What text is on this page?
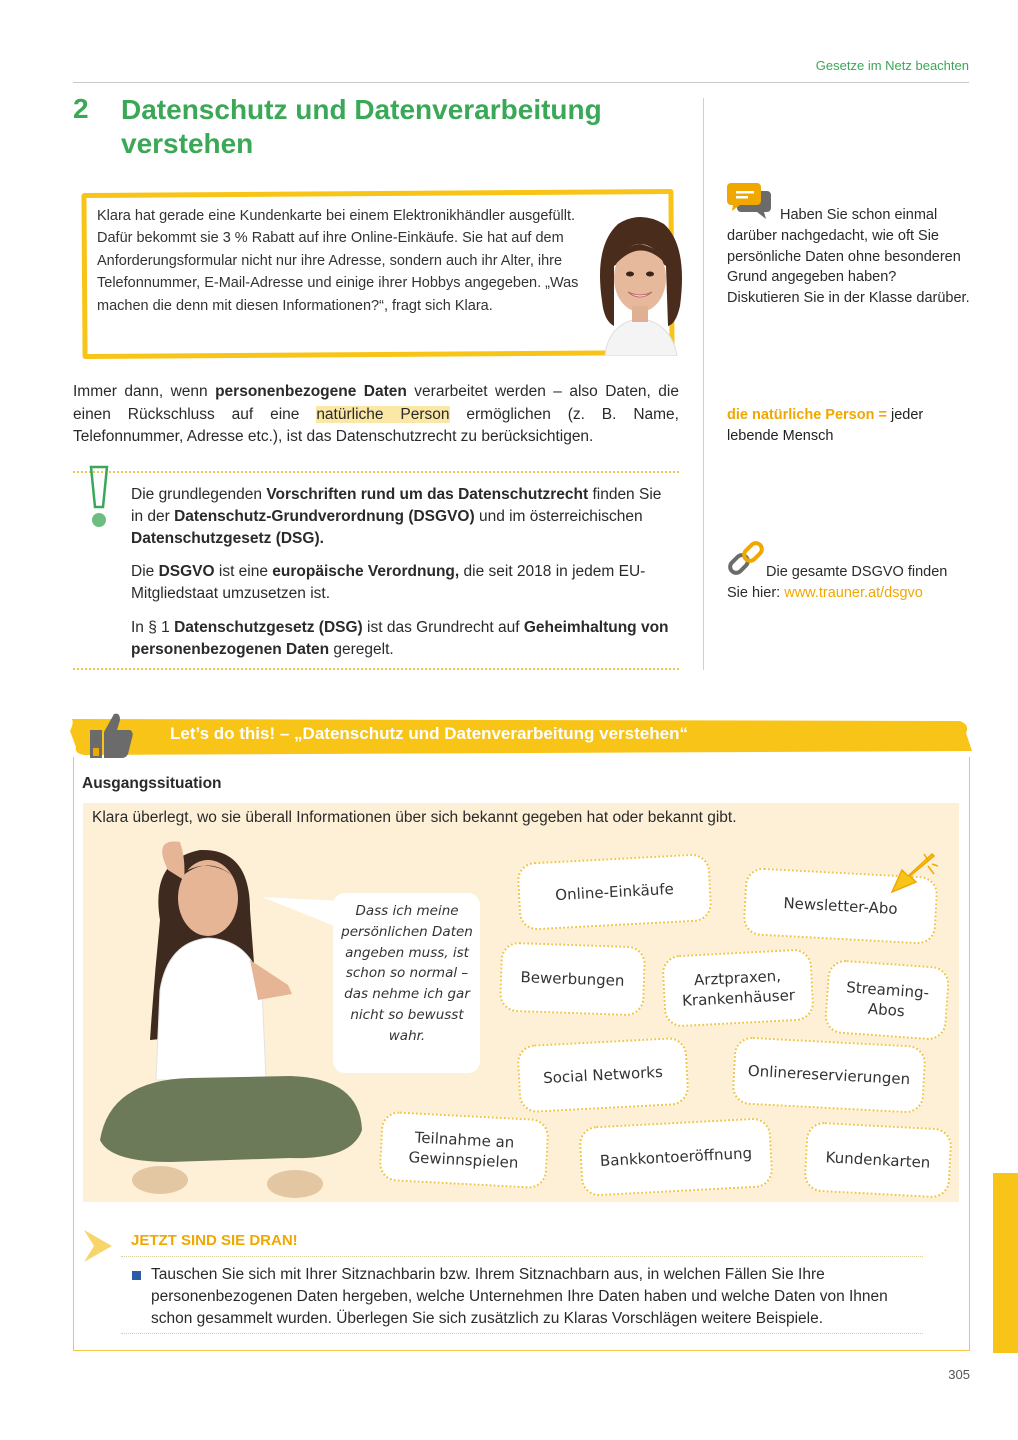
Gesetze im Netz beachten
2 Datenschutz und Datenverarbeitung verstehen
Klara hat gerade eine Kundenkarte bei einem Elektronikhändler ausgefüllt. Dafür bekommt sie 3 % Rabatt auf ihre Online-Einkäufe. Sie hat auf dem Anforderungsformular nicht nur ihre Adresse, sondern auch ihr Alter, ihre Telefonnummer, E-Mail-Adresse und einige ihrer Hobbys angegeben. „Was machen die denn mit diesen Informationen?“, fragt sich Klara.

Immer dann, wenn personenbezogene Daten verarbeitet werden – also Daten, die einen Rückschluss auf eine natürliche Person ermöglichen (z. B. Name, Telefonnummer, Adresse etc.), ist das Datenschutzrecht zu berücksichtigen.

Die grundlegenden Vorschriften rund um das Datenschutzrecht finden Sie in der Datenschutz-Grundverordnung (DSGVO) und im österreichischen Datenschutzgesetz (DSG).

Die DSGVO ist eine europäische Verordnung, die seit 2018 in jedem EU-Mitgliedstaat umzusetzen ist.

In § 1 Datenschutzgesetz (DSG) ist das Grundrecht auf Geheimhaltung von personenbezogenen Daten geregelt.

Haben Sie schon einmal darüber nachgedacht, wie oft Sie persönliche Daten ohne besonderen Grund angegeben haben? Diskutieren Sie in der Klasse darüber.

die natürliche Person = jeder lebende Mensch

Die gesamte DSGVO finden Sie hier: www.trauner.at/dsgvo

Let’s do this! – „Datenschutz und Datenverarbeitung verstehen“
Ausgangssituation
Klara überlegt, wo sie überall Informationen über sich bekannt gegeben hat oder bekannt gibt.
Dass ich meine persönlichen Daten angeben muss, ist schon so normal – das nehme ich gar nicht so bewusst wahr.
Online-Einkäufe
Newsletter-Abo
Bewerbungen	Arztpraxen, Krankenhäuser	Streaming-Abos
Social Networks	Onlinereservierungen
Teilnahme an Gewinnspielen	Bankkontoeröffnung	Kundenkarten
JETZT SIND SIE DRAN!

Tauschen Sie sich mit Ihrer Sitznachbarin bzw. Ihrem Sitznachbarn aus, in welchen Fällen Sie Ihre personenbezogenen Daten hergeben, welche Unternehmen Ihre Daten haben und welche Daten von Ihnen schon gesammelt wurden. Überlegen Sie sich zusätzlich zu Klaras Vorschlägen weitere Beispiele.

305
